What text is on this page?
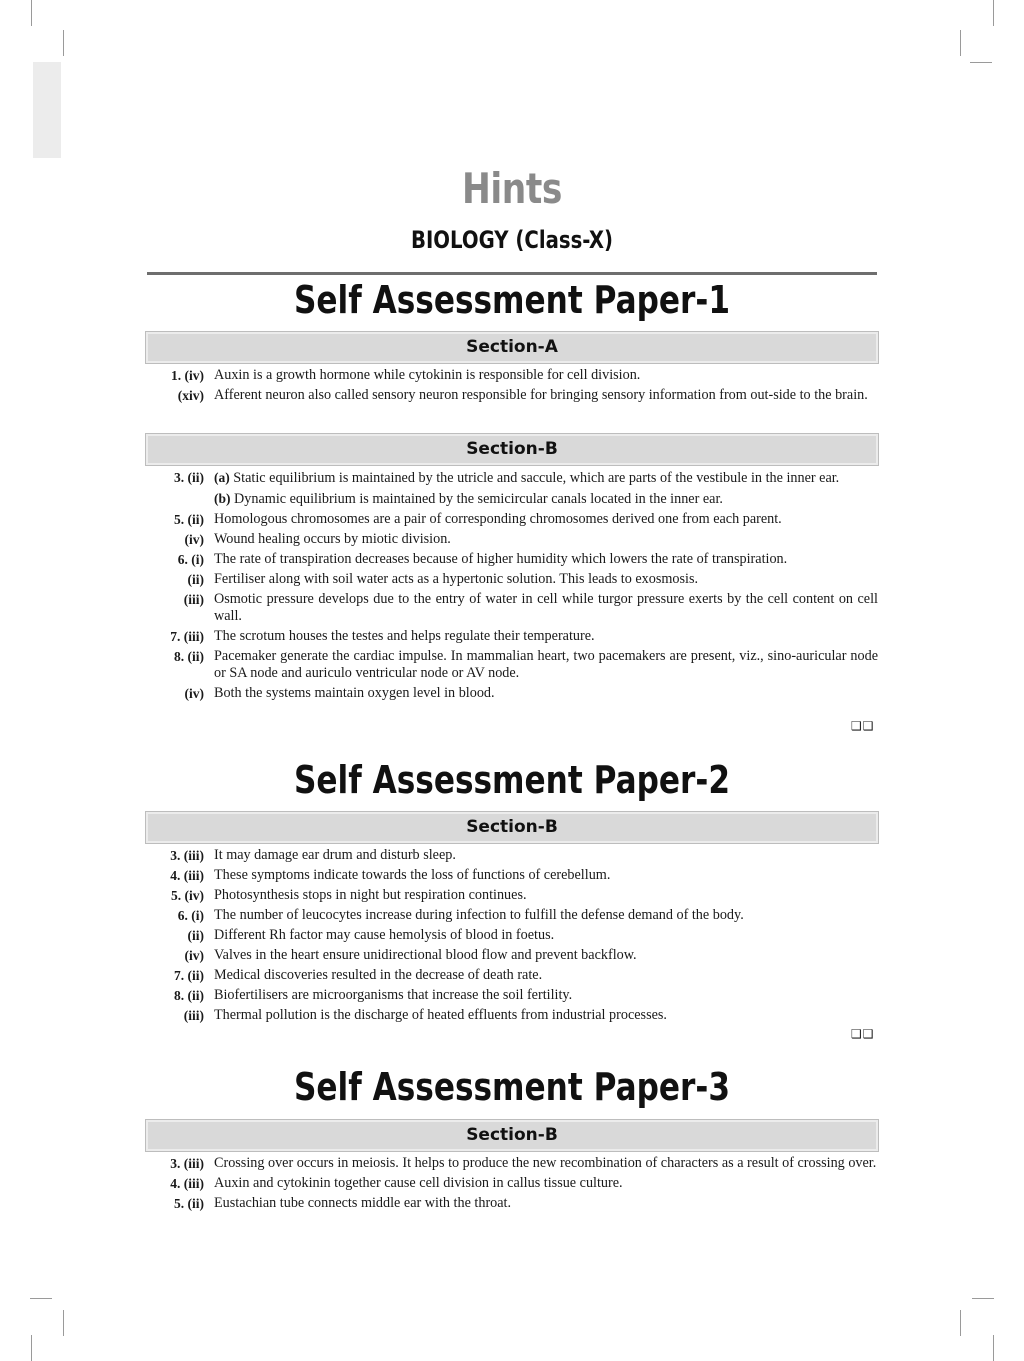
Hints
BIOLOGY (Class-X)
Self Assessment Paper-1
Section-A
1. (iv) Auxin is a growth hormone while cytokinin is responsible for cell division.
(xiv) Afferent neuron also called sensory neuron responsible for bringing sensory information from out-side to the brain.
Section-B
3. (ii) (a) Static equilibrium is maintained by the utricle and saccule, which are parts of the vestibule in the inner ear.
(b) Dynamic equilibrium is maintained by the semicircular canals located in the inner ear.
5. (ii) Homologous chromosomes are a pair of corresponding chromosomes derived one from each parent.
(iv) Wound healing occurs by miotic division.
6. (i) The rate of transpiration decreases because of higher humidity which lowers the rate of transpiration.
(ii) Fertiliser along with soil water acts as a hypertonic solution. This leads to exosmosis.
(iii) Osmotic pressure develops due to the entry of water in cell while turgor pressure exerts by the cell content on cell wall.
7. (iii) The scrotum houses the testes and helps regulate their temperature.
8. (ii) Pacemaker generate the cardiac impulse. In mammalian heart, two pacemakers are present, viz., sino-auricular node or SA node and auriculo ventricular node or AV node.
(iv) Both the systems maintain oxygen level in blood.
❑❑
Self Assessment Paper-2
Section-B
3. (iii) It may damage ear drum and disturb sleep.
4. (iii) These symptoms indicate towards the loss of functions of cerebellum.
5. (iv) Photosynthesis stops in night but respiration continues.
6. (i) The number of leucocytes increase during infection to fulfill the defense demand of the body.
(ii) Different Rh factor may cause hemolysis of blood in foetus.
(iv) Valves in the heart ensure unidirectional blood flow and prevent backflow.
7. (ii) Medical discoveries resulted in the decrease of death rate.
8. (ii) Biofertilisers are microorganisms that increase the soil fertility.
(iii) Thermal pollution is the discharge of heated effluents from industrial processes.
❑❑
Self Assessment Paper-3
Section-B
3. (iii) Crossing over occurs in meiosis. It helps to produce the new recombination of characters as a result of crossing over.
4. (iii) Auxin and cytokinin together cause cell division in callus tissue culture.
5. (ii) Eustachian tube connects middle ear with the throat.
